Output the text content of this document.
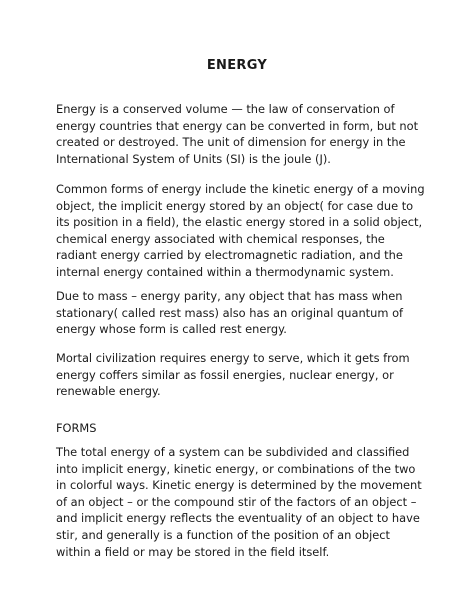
ENERGY

Energy is a conserved volume — the law of conservation of energy countries that energy can be converted in form, but not created or destroyed. The unit of dimension for energy in the International System of Units (SI) is the joule (J).

Common forms of energy include the kinetic energy of a moving object, the implicit energy stored by an object( for case due to its position in a field), the elastic energy stored in a solid object, chemical energy associated with chemical responses, the radiant energy carried by electromagnetic radiation, and the internal energy contained within a thermodynamic system.

Due to mass – energy parity, any object that has mass when stationary( called rest mass) also has an original quantum of energy whose form is called rest energy.

Mortal civilization requires energy to serve, which it gets from energy coffers similar as fossil energies, nuclear energy, or renewable energy.

FORMS

The total energy of a system can be subdivided and classified into implicit energy, kinetic energy, or combinations of the two in colorful ways. Kinetic energy is determined by the movement of an object – or the compound stir of the factors of an object – and implicit energy reflects the eventuality of an object to have stir, and generally is a function of the position of an object within a field or may be stored in the field itself.
